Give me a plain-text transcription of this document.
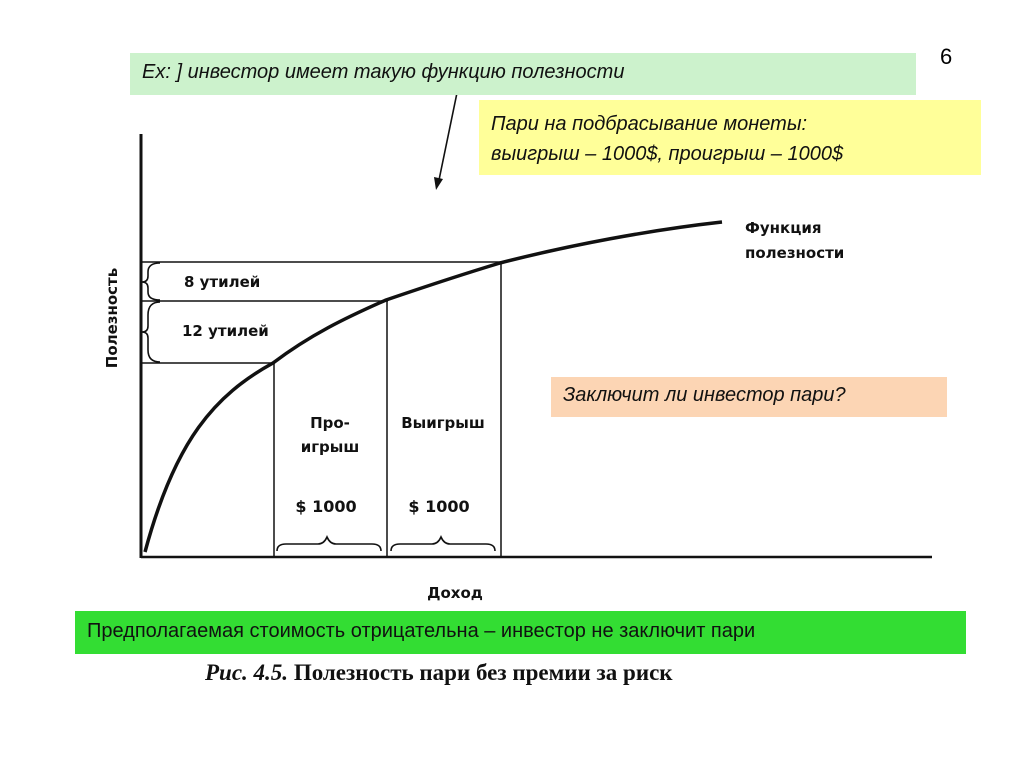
Полезность
Доход
Функция
полезности
8 утилей
12 утилей
Про-
игрыш
Выигрыш
$ 1000	$ 1000
6
Ex: ] инвестор имеет такую функцию полезности
Пари на подбрасывание монеты:
выигрыш – 1000$, проигрыш – 1000$
Заключит ли инвестор пари?
Предполагаемая стоимость отрицательна – инвестор не заключит пари
Рис. 4.5. Полезность пари без премии за риск
